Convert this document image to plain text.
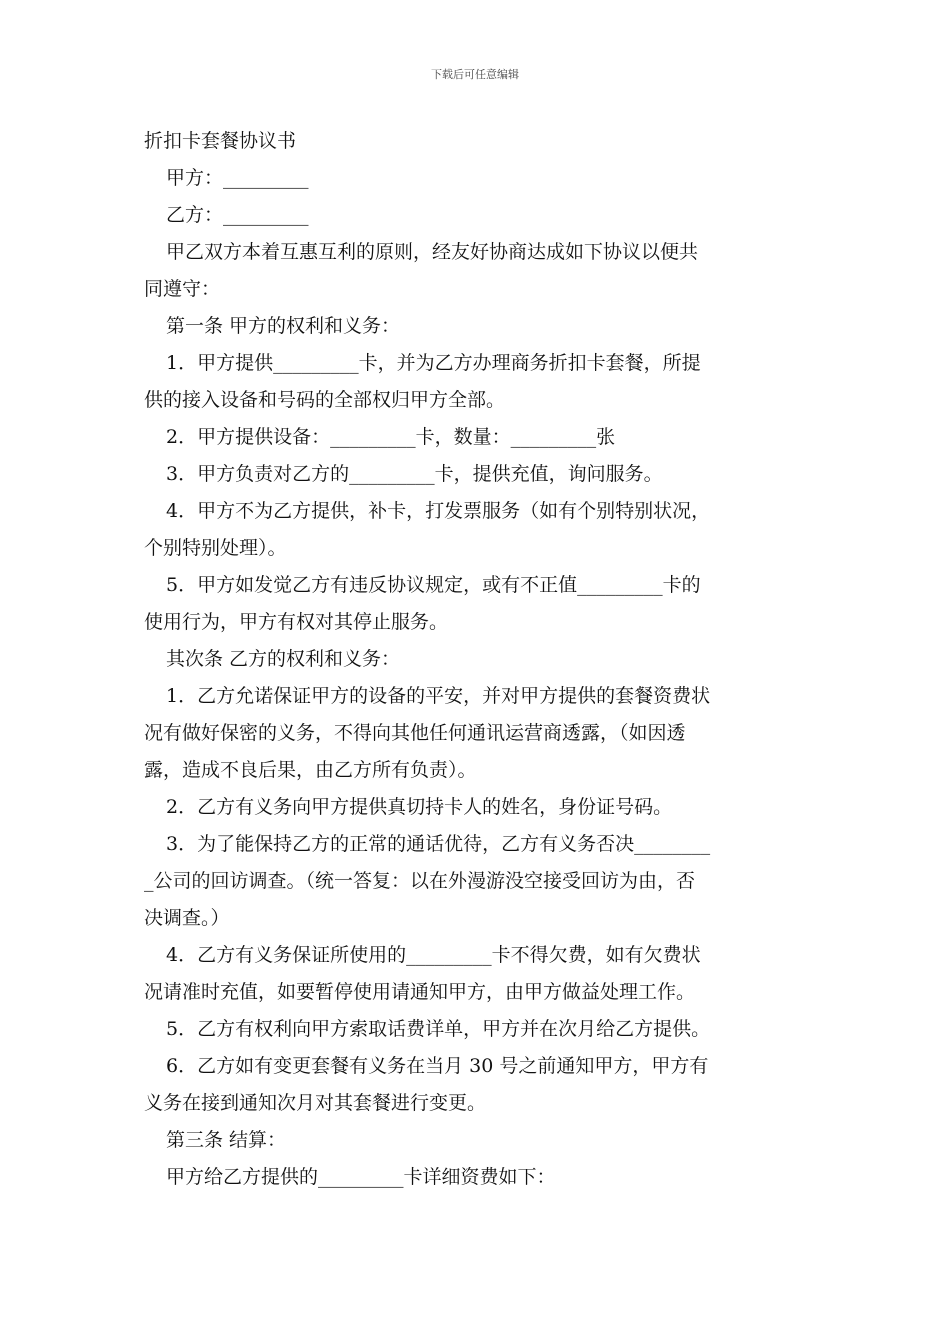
下载后可任意编辑

折扣卡套餐协议书

甲方：_________

乙方：_________

甲乙双方本着互惠互利的原则，经友好协商达成如下协议以便共

同遵守：

第一条 甲方的权利和义务：

1．甲方提供_________卡，并为乙方办理商务折扣卡套餐，所提

供的接入设备和号码的全部权归甲方全部。

2．甲方提供设备：_________卡，数量：_________张

3．甲方负责对乙方的_________卡，提供充值，询问服务。

4．甲方不为乙方提供，补卡，打发票服务（如有个别特别状况，

个别特别处理）。

5．甲方如发觉乙方有违反协议规定，或有不正值_________卡的

使用行为，甲方有权对其停止服务。

其次条 乙方的权利和义务：

1．乙方允诺保证甲方的设备的平安，并对甲方提供的套餐资费状

况有做好保密的义务，不得向其他任何通讯运营商透露，（如因透

露，造成不良后果，由乙方所有负责）。

2．乙方有义务向甲方提供真切持卡人的姓名，身份证号码。

3．为了能保持乙方的正常的通话优待，乙方有义务否决________

_公司的回访调查。（统一答复：以在外漫游没空接受回访为由，否

决调查。）

4．乙方有义务保证所使用的_________卡不得欠费，如有欠费状

况请准时充值，如要暂停使用请通知甲方，由甲方做益处理工作。

5．乙方有权利向甲方索取话费详单，甲方并在次月给乙方提供。

6．乙方如有变更套餐有义务在当月 30 号之前通知甲方，甲方有

义务在接到通知次月对其套餐进行变更。

第三条 结算：

甲方给乙方提供的_________卡详细资费如下：
